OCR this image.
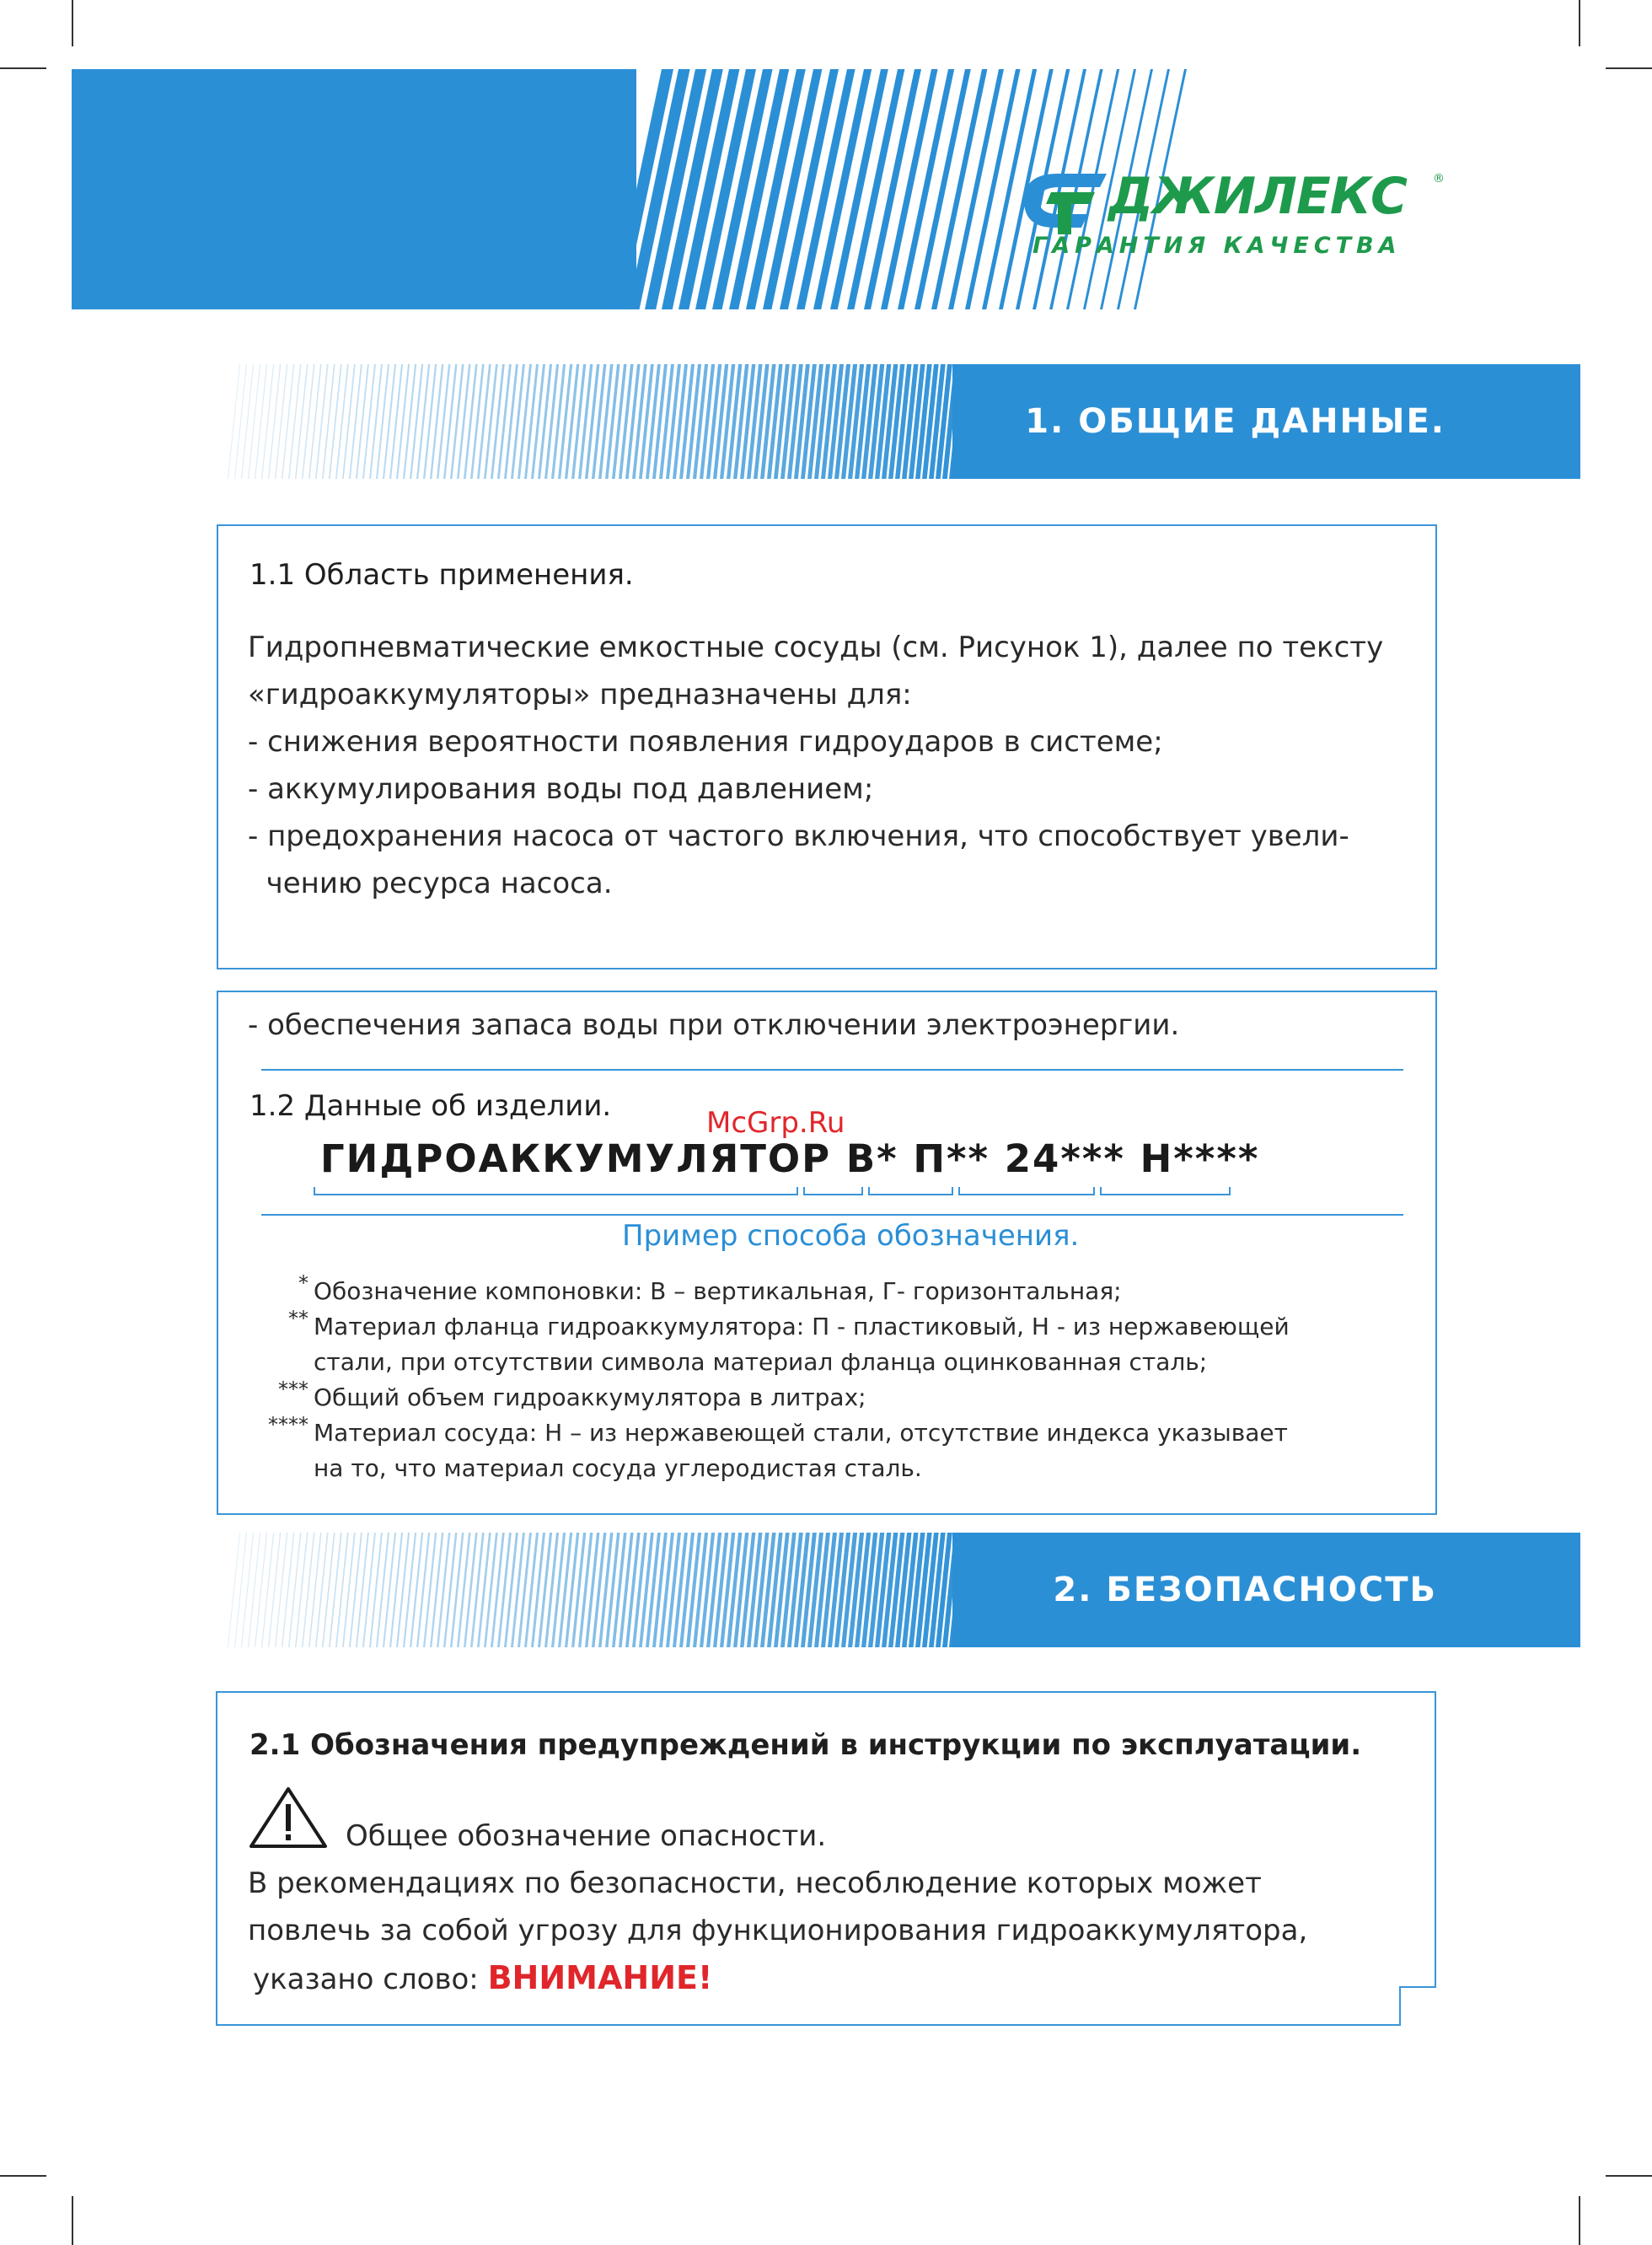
ДЖИЛЕКС ®
ГАРАНТИЯ КАЧЕСТВА
1. ОБЩИЕ ДАННЫЕ.
1.1 Область применения.
Гидропневматические емкостные сосуды (см. Рисунок 1), далее по тексту
«гидроаккумуляторы» предназначены для:
- снижения вероятности появления гидроударов в системе;
- аккумулирования воды под давлением;
- предохранения насоса от частого включения, что способствует увели-
чению ресурса насоса.
- обеспечения запаса воды при отключении электроэнергии.
1.2 Данные об изделии.	McGrp.Ru
ГИДРОАККУМУЛЯТОР В* П** 24*** Н****
Пример способа обозначения.
* Обозначение компоновки: В – вертикальная, Г- горизонтальная;
** Материал фланца гидроаккумулятора: П - пластиковый, Н - из нержавеющей
стали, при отсутствии символа материал фланца оцинкованная сталь;
*** Общий объем гидроаккумулятора в литрах;
**** Материал сосуда: Н – из нержавеющей стали, отсутствие индекса указывает
на то, что материал сосуда углеродистая сталь.
2. БЕЗОПАСНОСТЬ
2.1 Обозначения предупреждений в инструкции по эксплуатации.
Общее обозначение опасности.
В рекомендациях по безопасности, несоблюдение которых может
повлечь за собой угрозу для функционирования гидроаккумулятора,
указано слово: ВНИМАНИЕ!
